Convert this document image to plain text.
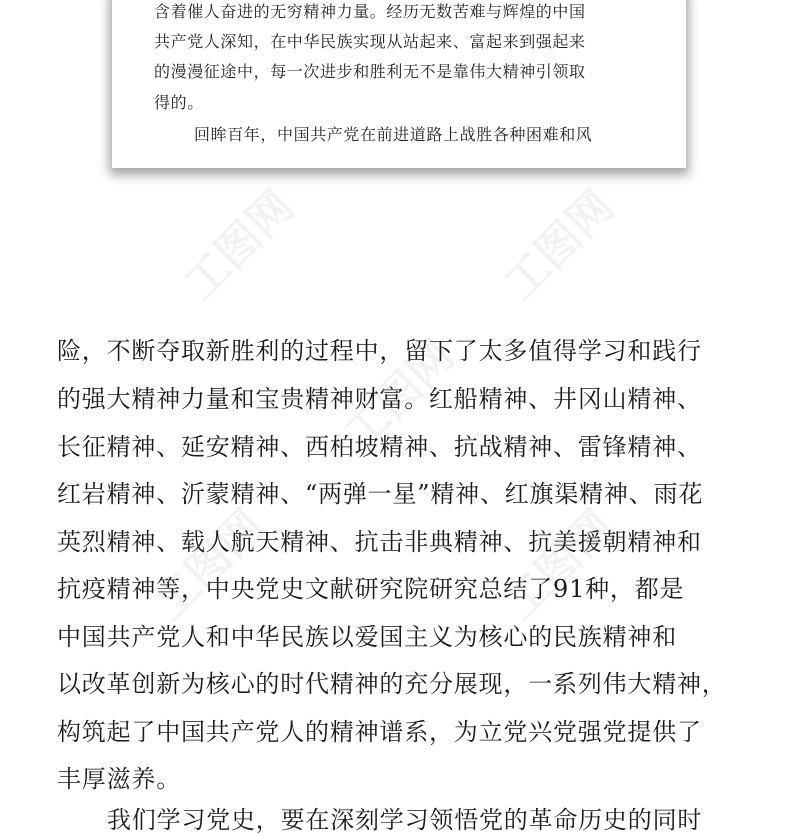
工图网	工图网
工图网
工图网	工图网

含着催人奋进的无穷精神力量。经历无数苦难与辉煌的中国

共产党人深知，在中华民族实现从站起来、富起来到强起来

的漫漫征途中，每一次进步和胜利无不是靠伟大精神引领取

得的。

回眸百年，中国共产党在前进道路上战胜各种困难和风

险，不断夺取新胜利的过程中，留下了太多值得学习和践行

的强大精神力量和宝贵精神财富。红船精神、井冈山精神、

长征精神、延安精神、西柏坡精神、抗战精神、雷锋精神、

红岩精神、沂蒙精神、“两弹一星”精神、红旗渠精神、雨花

英烈精神、载人航天精神、抗击非典精神、抗美援朝精神和

抗疫精神等，中央党史文献研究院研究总结了91种，都是

中国共产党人和中华民族以爱国主义为核心的民族精神和

以改革创新为核心的时代精神的充分展现，一系列伟大精神，

构筑起了中国共产党人的精神谱系，为立党兴党强党提供了

丰厚滋养。

我们学习党史，要在深刻学习领悟党的革命历史的同时
